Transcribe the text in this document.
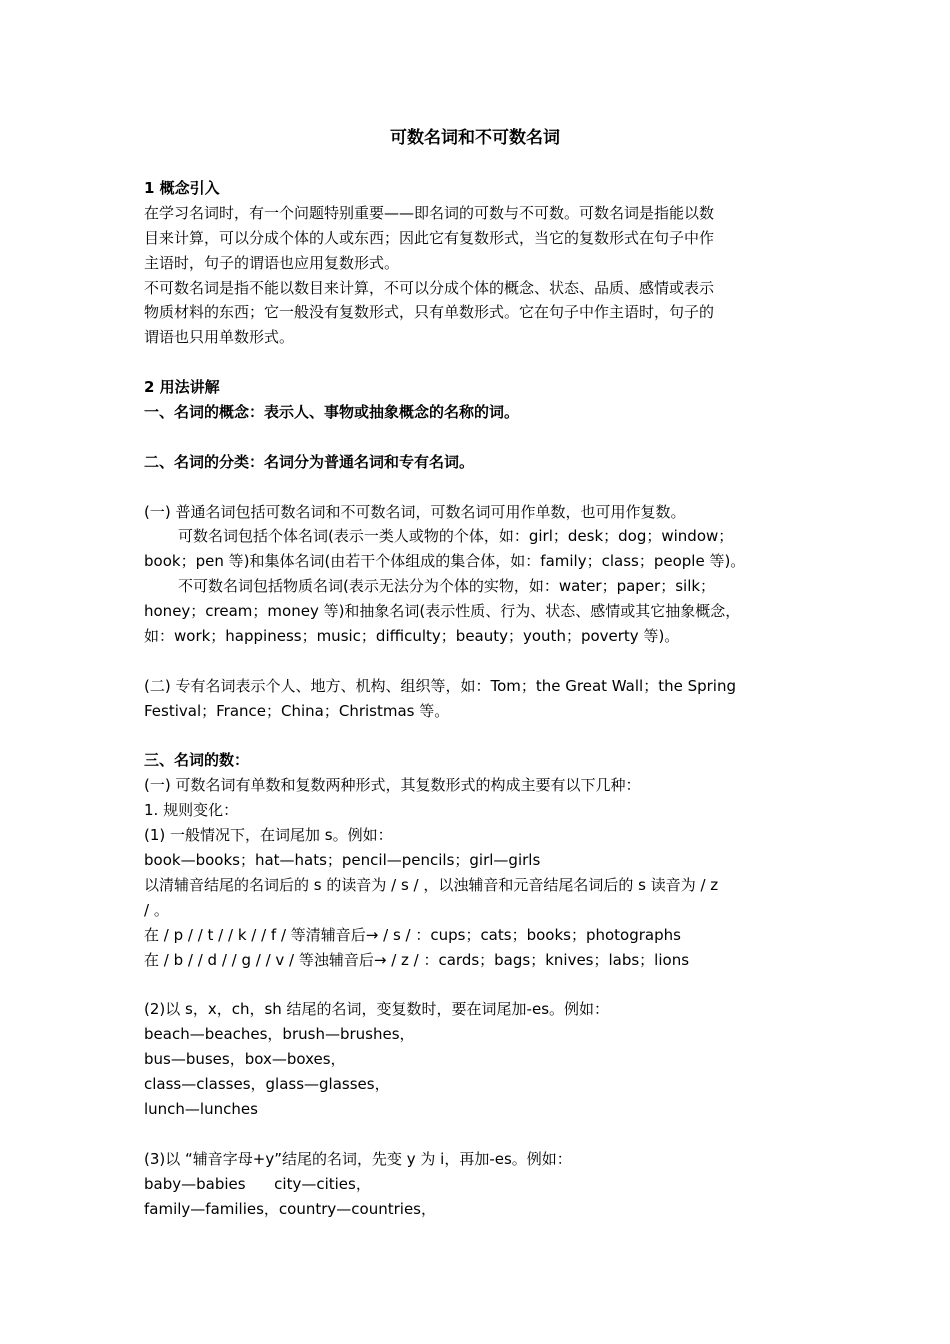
可数名词和不可数名词
1 概念引入
在学习名词时，有一个问题特别重要——即名词的可数与不可数。可数名词是指能以数
目来计算，可以分成个体的人或东西；因此它有复数形式，当它的复数形式在句子中作
主语时，句子的谓语也应用复数形式。
不可数名词是指不能以数目来计算，不可以分成个体的概念、状态、品质、感情或表示
物质材料的东西；它一般没有复数形式，只有单数形式。它在句子中作主语时，句子的
谓语也只用单数形式。
2 用法讲解
一、名词的概念：表示人、事物或抽象概念的名称的词。
二、名词的分类：名词分为普通名词和专有名词。
(一) 普通名词包括可数名词和不可数名词，可数名词可用作单数，也可用作复数。
可数名词包括个体名词(表示一类人或物的个体，如：girl；desk；dog；window；
book；pen 等)和集体名词(由若干个体组成的集合体，如：family；class；people 等)。
不可数名词包括物质名词(表示无法分为个体的实物，如：water；paper；silk；
honey；cream；money 等)和抽象名词(表示性质、行为、状态、感情或其它抽象概念，
如：work；happiness；music；difficulty；beauty；youth；poverty 等)。
(二) 专有名词表示个人、地方、机构、组织等，如：Tom；the Great Wall；the Spring
Festival；France；China；Christmas 等。
三、名词的数：
(一) 可数名词有单数和复数两种形式，其复数形式的构成主要有以下几种：
1. 规则变化：
(1) 一般情况下，在词尾加 s。例如：
book—books；hat—hats；pencil—pencils；girl—girls
以清辅音结尾的名词后的 s 的读音为 / s / ，以浊辅音和元音结尾名词后的 s 读音为 / z
/ 。
在 / p / / t / / k / / f / 等清辅音后→ / s / ：cups；cats；books；photographs
在 / b / / d / / g / / v / 等浊辅音后→ / z / ：cards；bags；knives；labs；lions
(2)以 s，x，ch，sh 结尾的名词，变复数时，要在词尾加-es。例如：
beach—beaches，brush—brushes，
bus—buses，box—boxes，
class—classes，glass—glasses，
lunch—lunches
(3)以 “辅音字母+y”结尾的名词，先变 y 为 i，再加-es。例如：
baby—babies      city—cities，
family—families，country—countries，
